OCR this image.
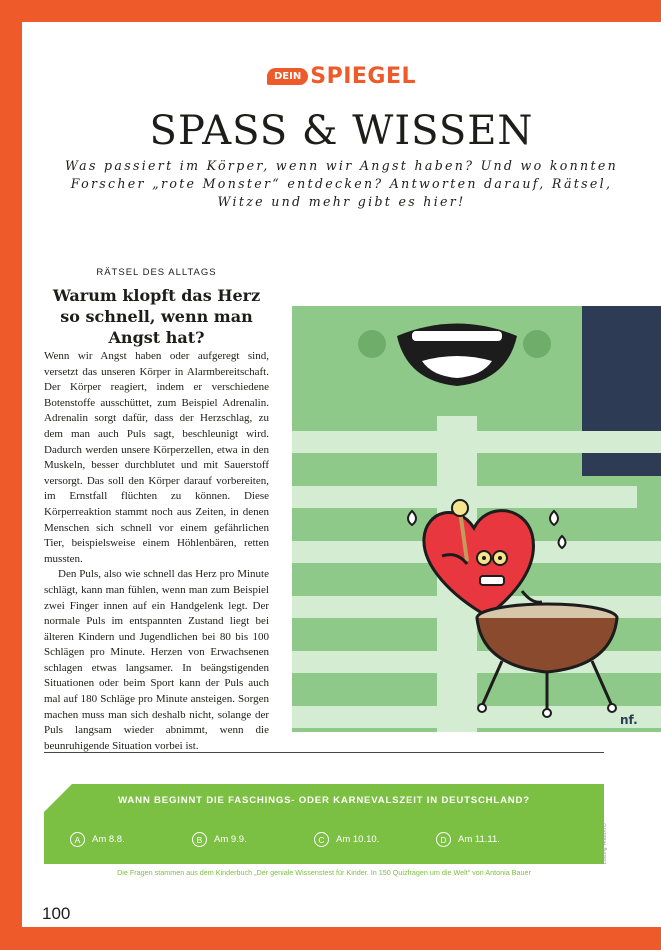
DEIN SPIEGEL
SPASS & WISSEN
Was passiert im Körper, wenn wir Angst haben? Und wo konnten Forscher „rote Monster“ entdecken? Antworten darauf, Rätsel, Witze und mehr gibt es hier!
RÄTSEL DES ALLTAGS
Warum klopft das Herz so schnell, wenn man Angst hat?

Wenn wir Angst haben oder aufgeregt sind, versetzt das unseren Körper in Alarmbereitschaft. Der Körper reagiert, indem er verschiedene Botenstoffe ausschüttet, zum Beispiel Adrenalin. Adrenalin sorgt dafür, dass der Herzschlag, zu dem man auch Puls sagt, beschleunigt wird. Dadurch werden unsere Körperzellen, etwa in den Muskeln, besser durchblutet und mit Sauerstoff versorgt. Das soll den Körper darauf vorbereiten, im Ernstfall flüchten zu können. Diese Körperreaktion stammt noch aus Zeiten, in denen Menschen sich schnell vor einem gefährlichen Tier, beispielsweise einem Höhlenbären, retten mussten.

Den Puls, also wie schnell das Herz pro Minute schlägt, kann man fühlen, wenn man zum Beispiel zwei Finger innen auf ein Handgelenk legt. Der normale Puls im entspannten Zustand liegt bei älteren Kindern und Jugendlichen bei 80 bis 100 Schlägen pro Minute. Herzen von Erwachsenen schlagen etwas langsamer. In beängstigenden Situationen oder beim Sport kann der Puls auch mal auf 180 Schläge pro Minute ansteigen. Sorgen machen muss man sich deshalb nicht, solange der Puls langsam wieder abnimmt, wenn die beunruhigende Situation vorbei ist.

nf.
WANN BEGINNT DIE FASCHINGS- ODER KARNEVALSZEIT IN DEUTSCHLAND?
A	Am 8.8.	B	Am 9.9.	C	Am 10.10.	D	Am 11.11.	Lösung: Antwort D
Die Fragen stammen aus dem Kinderbuch „Der geniale Wissenstest für Kinder. In 150 Quizfragen um die Welt“ von Antonia Bauer
100
